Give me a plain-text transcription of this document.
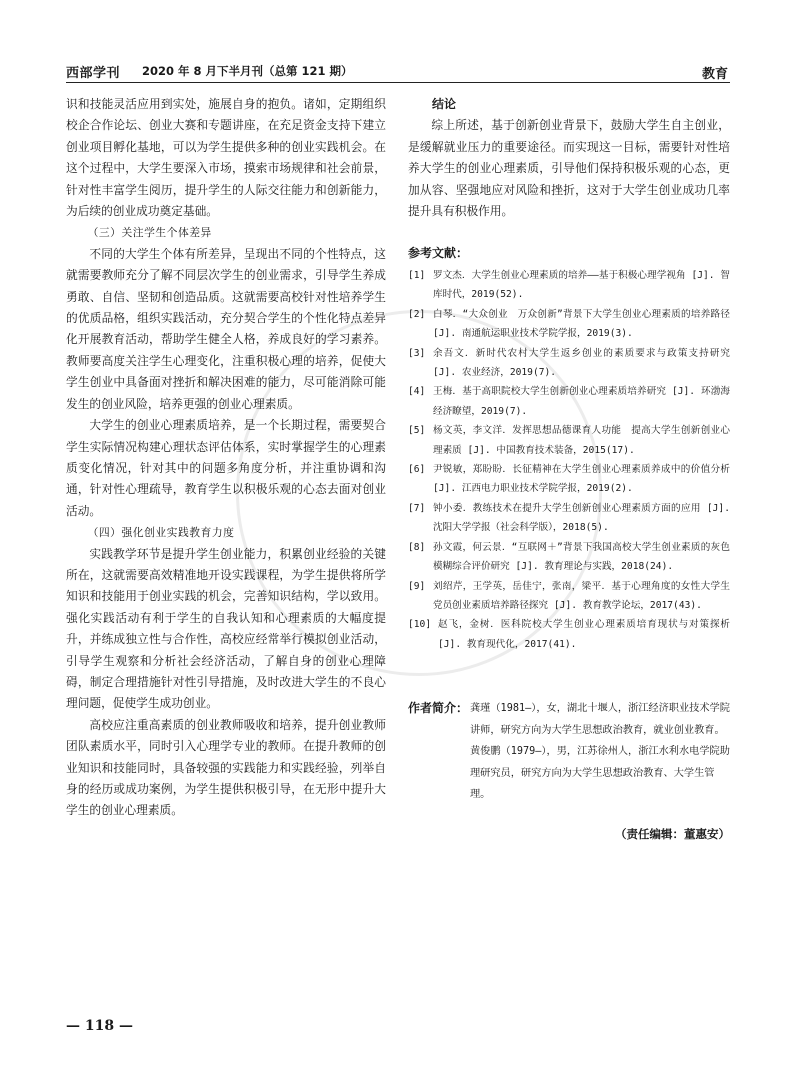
西部学刊 2020 年 8 月下半月刊（总第 121 期）	教育

识和技能灵活应用到实处，施展自身的抱负。诸如，定期组织校企合作论坛、创业大赛和专题讲座，在充足资金支持下建立创业项目孵化基地，可以为学生提供多种的创业实践机会。在这个过程中，大学生要深入市场，摸索市场规律和社会前景，针对性丰富学生阅历，提升学生的人际交往能力和创新能力，为后续的创业成功奠定基础。

（三）关注学生个体差异

不同的大学生个体有所差异，呈现出不同的个性特点，这就需要教师充分了解不同层次学生的创业需求，引导学生养成勇敢、自信、坚韧和创造品质。这就需要高校针对性培养学生的优质品格，组织实践活动，充分契合学生的个性化特点差异化开展教育活动，帮助学生健全人格，养成良好的学习素养。教师要高度关注学生心理变化，注重积极心理的培养，促使大学生创业中具备面对挫折和解决困难的能力，尽可能消除可能发生的创业风险，培养更强的创业心理素质。

大学生的创业心理素质培养，是一个长期过程，需要契合学生实际情况构建心理状态评估体系，实时掌握学生的心理素质变化情况，针对其中的问题多角度分析，并注重协调和沟通，针对性心理疏导，教育学生以积极乐观的心态去面对创业活动。

（四）强化创业实践教育力度

实践教学环节是提升学生创业能力，积累创业经验的关键所在，这就需要高效精准地开设实践课程，为学生提供将所学知识和技能用于创业实践的机会，完善知识结构，学以致用。强化实践活动有利于学生的自我认知和心理素质的大幅度提升，并练成独立性与合作性，高校应经常举行模拟创业活动，引导学生观察和分析社会经济活动，了解自身的创业心理障碍，制定合理措施针对性引导措施，及时改进大学生的不良心理问题，促使学生成功创业。

高校应注重高素质的创业教师吸收和培养，提升创业教师团队素质水平，同时引入心理学专业的教师。在提升教师的创业知识和技能同时，具备较强的实践能力和实践经验，列举自身的经历或成功案例，为学生提供积极引导，在无形中提升大学生的创业心理素质。

结论

综上所述，基于创新创业背景下，鼓励大学生自主创业，是缓解就业压力的重要途径。而实现这一目标，需要针对性培养大学生的创业心理素质，引导他们保持积极乐观的心态，更加从容、坚强地应对风险和挫折，这对于大学生创业成功几率提升具有积极作用。

参考文献：

[1] 罗文杰．大学生创业心理素质的培养——基于积极心理学视角 [J]. 智库时代，2019(52).

[2] 白琴．“大众创业　万众创新”背景下大学生创业心理素质的培养路径 [J]. 南通航运职业技术学院学报，2019(3).

[3] 余吾文．新时代农村大学生返乡创业的素质要求与政策支持研究 [J]. 农业经济，2019(7).

[4] 王梅．基于高职院校大学生创新创业心理素质培养研究 [J]. 环渤海经济瞭望，2019(7).

[5] 杨文英，李文洋．发挥思想品德课育人功能　提高大学生创新创业心理素质 [J]. 中国教育技术装备，2015(17).

[6] 尹锐敏，郑盼盼．长征精神在大学生创业心理素质养成中的价值分析 [J]. 江西电力职业技术学院学报，2019(2).

[7] 钟小委．教练技术在提升大学生创新创业心理素质方面的应用 [J]. 沈阳大学学报（社会科学版），2018(5).

[8] 孙文霞，何云景．“互联网＋”背景下我国高校大学生创业素质的灰色模糊综合评价研究 [J]. 教育理论与实践，2018(24).

[9] 刘绍芹，王学英，岳佳宁，张南，梁平．基于心理角度的女性大学生党员创业素质培养路径探究 [J]. 教育教学论坛，2017(43).

[10] 赵飞，金树．医科院校大学生创业心理素质培育现状与对策探析 [J]. 教育现代化，2017(41).

作者简介： 龚瑾（1981—），女，湖北十堰人，浙江经济职业技术学院讲师，研究方向为大学生思想政治教育，就业创业教育。

黄俊鹏（1979—），男，江苏徐州人，浙江水利水电学院助理研究员，研究方向为大学生思想政治教育、大学生管理。

（责任编辑：董惠安）
— 118 —
